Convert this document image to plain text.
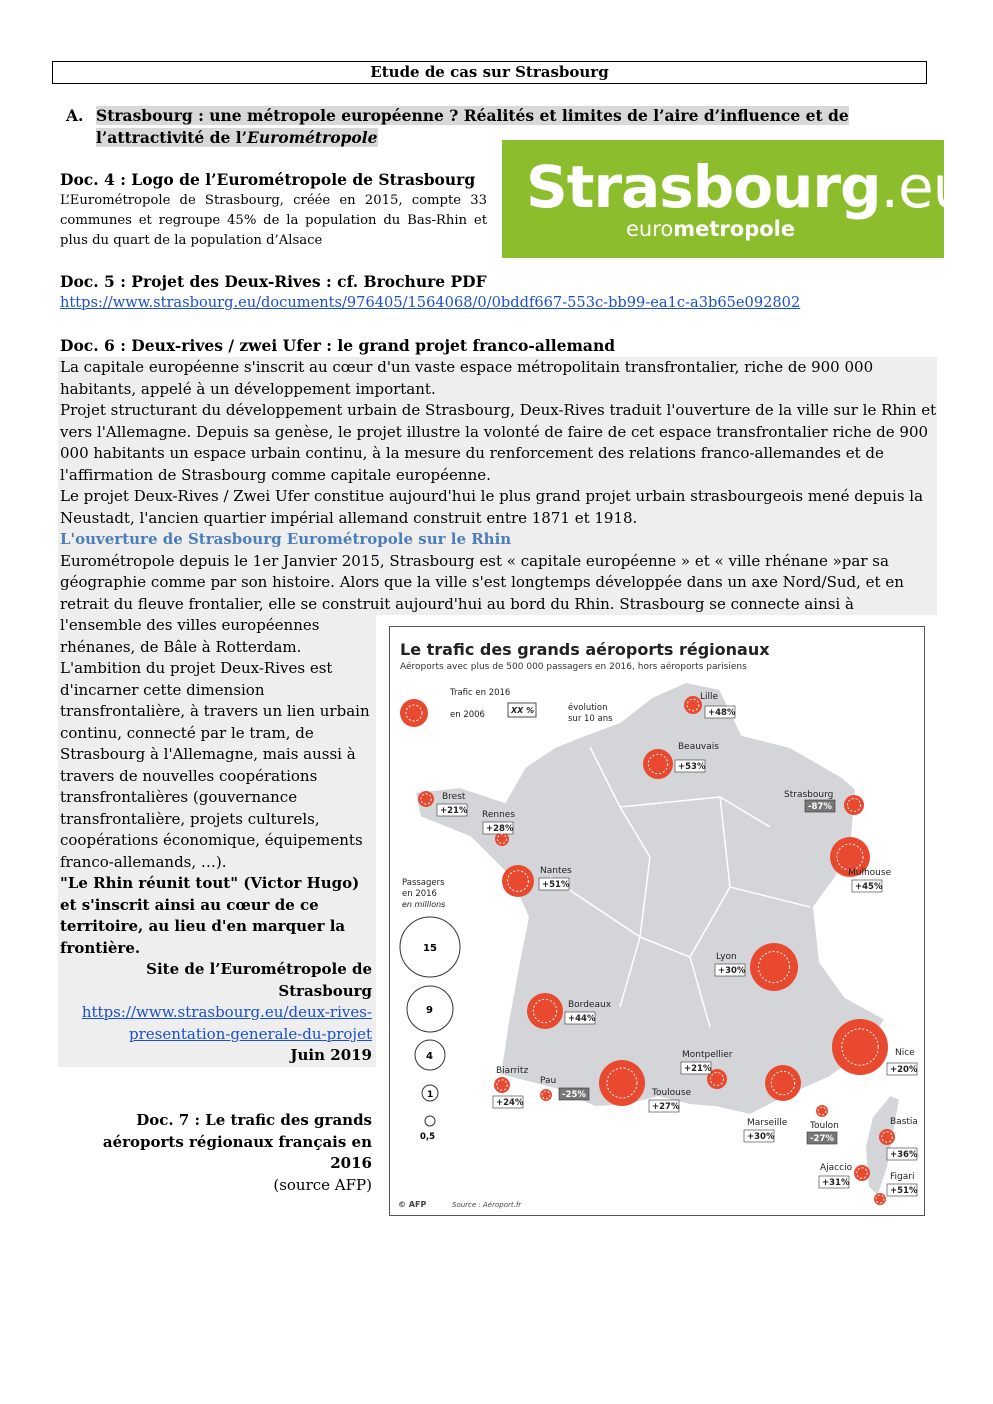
Etude de cas sur Strasbourg
A. Strasbourg : une métropole européenne ? Réalités et limites de l’aire d’influence et de l’attractivité de l’Eurométropole
Doc. 4 : Logo de l’Eurométropole de Strasbourg
L’Eurométropole de Strasbourg, créée en 2015, compte 33 communes et regroupe 45% de la population du Bas-Rhin et plus du quart de la population d’Alsace
Strasbourg.eu
eurometropole
Doc. 5 : Projet des Deux-Rives : cf. Brochure PDF
https://www.strasbourg.eu/documents/976405/1564068/0/0bddf667-553c-bb99-ea1c-a3b65e092802
Doc. 6 : Deux-rives / zwei Ufer : le grand projet franco-allemand
La capitale européenne s'inscrit au cœur d'un vaste espace métropolitain transfrontalier, riche de 900 000 habitants, appelé à un développement important.
Projet structurant du développement urbain de Strasbourg, Deux-Rives traduit l'ouverture de la ville sur le Rhin et vers l'Allemagne. Depuis sa genèse, le projet illustre la volonté de faire de cet espace transfrontalier riche de 900 000 habitants un espace urbain continu, à la mesure du renforcement des relations franco-allemandes et de l'affirmation de Strasbourg comme capitale européenne.
Le projet Deux-Rives / Zwei Ufer constitue aujourd'hui le plus grand projet urbain strasbourgeois mené depuis la Neustadt, l'ancien quartier impérial allemand construit entre 1871 et 1918.
L'ouverture de Strasbourg Eurométropole sur le Rhin
Eurométropole depuis le 1er Janvier 2015, Strasbourg est « capitale européenne » et « ville rhénane »par sa géographie comme par son histoire. Alors que la ville s'est longtemps développée dans un axe Nord/Sud, et en retrait du fleuve frontalier, elle se construit aujourd'hui au bord du Rhin. Strasbourg se connecte ainsi à
l'ensemble des villes européennes rhénanes, de Bâle à Rotterdam.
L'ambition du projet Deux-Rives est d'incarner cette dimension transfrontalière, à travers un lien urbain continu, connecté par le tram, de Strasbourg à l'Allemagne, mais aussi à travers de nouvelles coopérations transfrontalières (gouvernance transfrontalière, projets culturels, coopérations économique, équipements franco-allemands, …).
"Le Rhin réunit tout" (Victor Hugo) et s'inscrit ainsi au cœur de ce territoire, au lieu d'en marquer la frontière.
Site de l’Eurométropole de Strasbourg
https://www.strasbourg.eu/deux-rives-presentation-generale-du-projet
Juin 2019
Doc. 7 : Le trafic des grands aéroports régionaux français en 2016
(source AFP)
Le trafic des grands aéroports régionaux
Aéroports avec plus de 500 000 passagers en 2016, hors aéroports parisiens
Trafic en 2016
en 2006	XX %	évolution
sur 10 ans
Passagers
en 2016
en millions
15
9
4
1
0,5
Lille
+48%
Beauvais
+53%
Strasbourg
-87%
Brest
+21% Rennes
+28%
Nantes
+51%
Mulhouse
+45%
Lyon
+30%
Bordeaux
+44%
Nice
+20%
Montpellier
+21%
Biarritz
+24%
Pau
-25%	Toulouse
+27%
Marseille
+30%
Toulon
-27%
Bastia
+36%
Ajaccio
+31%
Figari
+51%
© AFP	Source : Aéroport.fr
